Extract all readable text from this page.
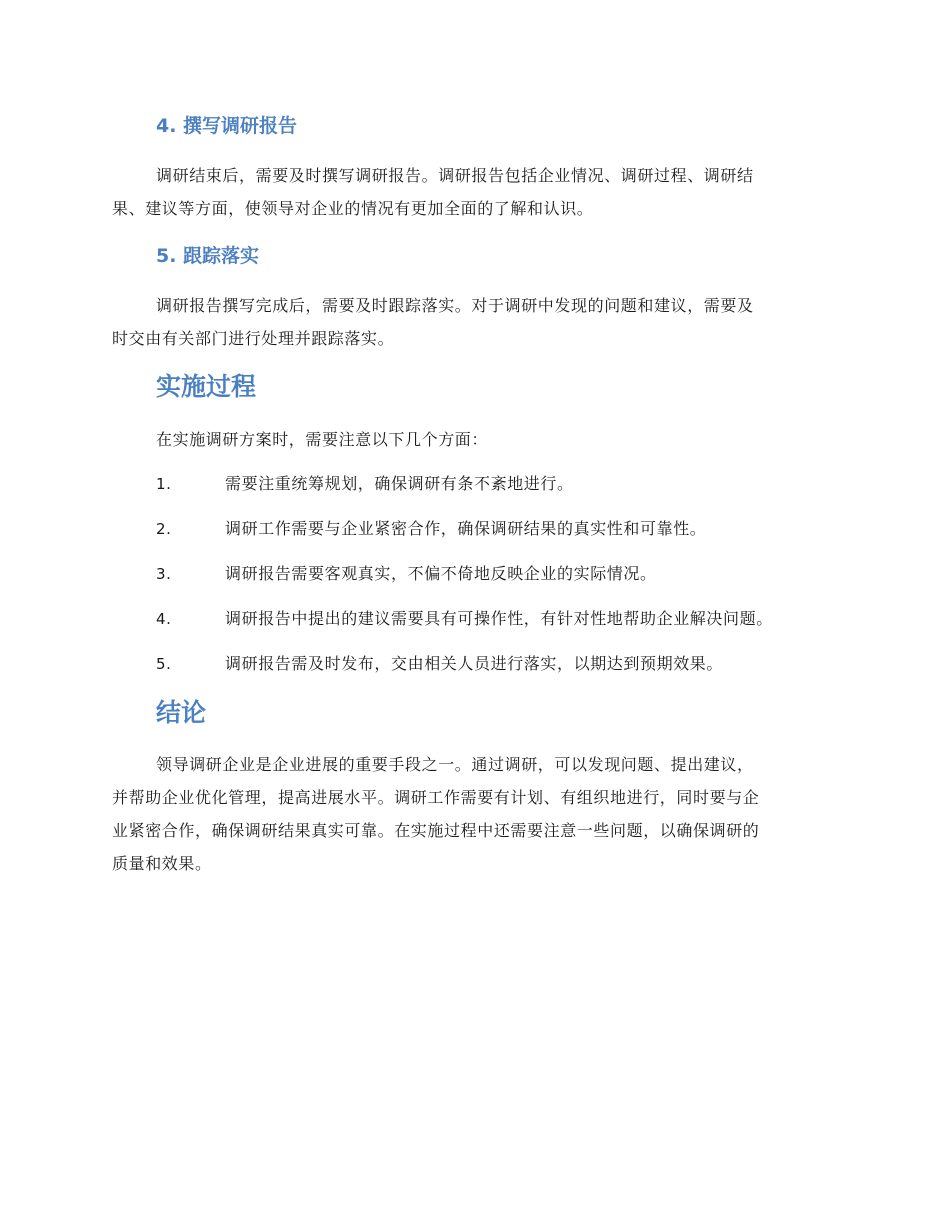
4. 撰写调研报告
调研结束后，需要及时撰写调研报告。调研报告包括企业情况、调研过程、调研结
果、建议等方面，使领导对企业的情况有更加全面的了解和认识。
5. 跟踪落实
调研报告撰写完成后，需要及时跟踪落实。对于调研中发现的问题和建议，需要及
时交由有关部门进行处理并跟踪落实。
实施过程
在实施调研方案时，需要注意以下几个方面：
1.	需要注重统筹规划，确保调研有条不紊地进行。
2.	调研工作需要与企业紧密合作，确保调研结果的真实性和可靠性。
3.	调研报告需要客观真实，不偏不倚地反映企业的实际情况。
4.	调研报告中提出的建议需要具有可操作性，有针对性地帮助企业解决问题。
5.	调研报告需及时发布，交由相关人员进行落实，以期达到预期效果。
结论
领导调研企业是企业进展的重要手段之一。通过调研，可以发现问题、提出建议，
并帮助企业优化管理，提高进展水平。调研工作需要有计划、有组织地进行，同时要与企
业紧密合作，确保调研结果真实可靠。在实施过程中还需要注意一些问题，以确保调研的
质量和效果。
